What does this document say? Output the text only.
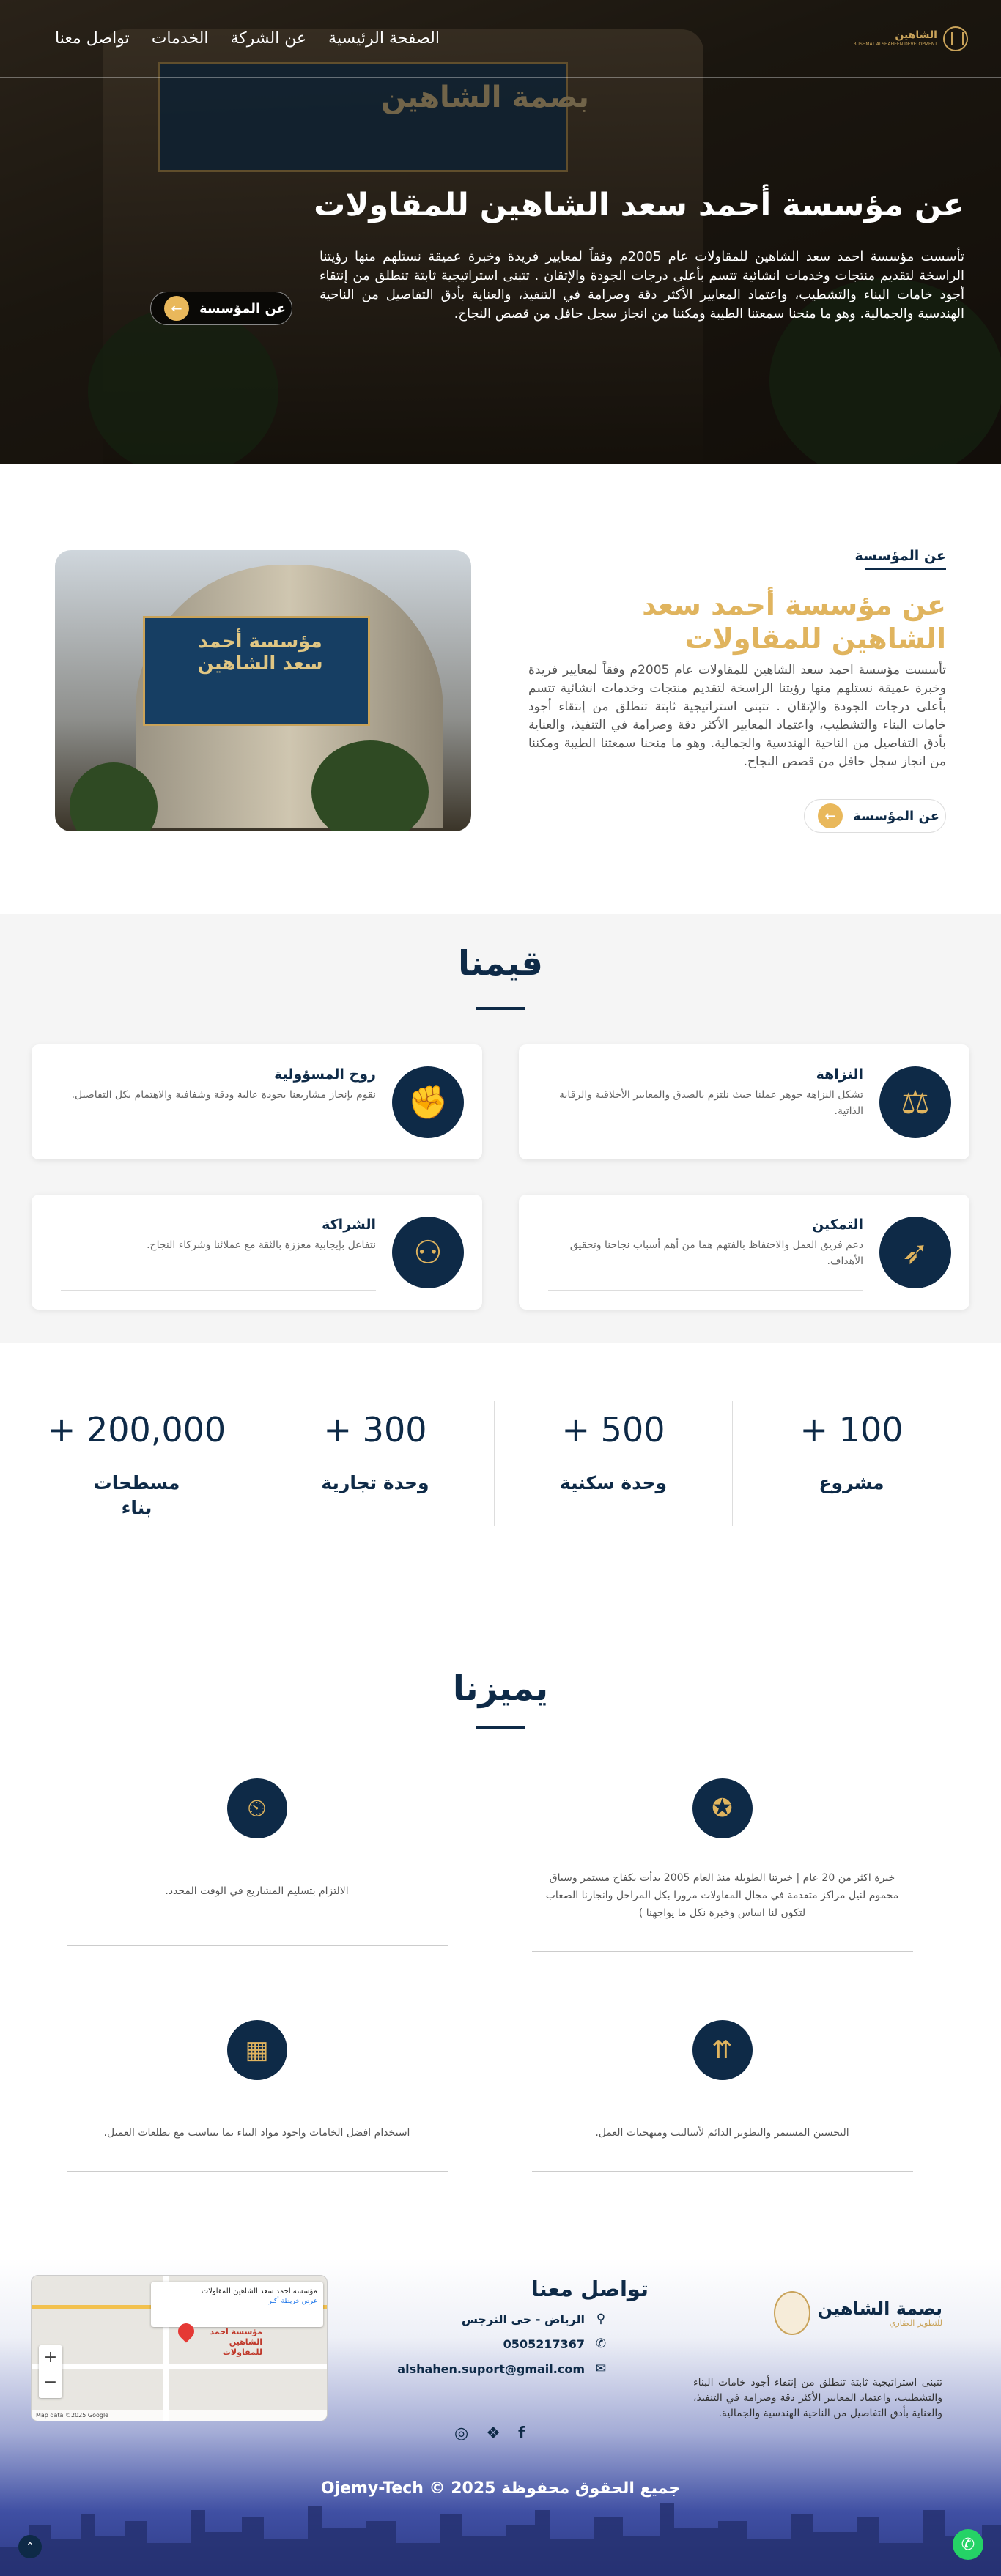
الشاهين
BUSHMAT ALSHAHEEN DEVELOPMENT
الصفحة الرئيسية
عن الشركة
الخدمات
تواصل معنا
عن مؤسسة أحمد سعد الشاهين للمقاولات

تأسست مؤسسة احمد سعد الشاهين للمقاولات عام 2005م وفقاً لمعايير فريدة وخبرة عميقة نستلهم منها رؤيتنا الراسخة لتقديم منتجات وخدمات انشائية تتسم بأعلى درجات الجودة والإتقان . تتبنى استراتيجية ثابتة تنطلق من إنتقاء أجود خامات البناء والتشطيب، واعتماد المعايير الأكثر دقة وصرامة في التنفيذ، والعناية بأدق التفاصيل من الناحية الهندسية والجمالية. وهو ما منحنا سمعتنا الطيبة ومكننا من انجاز سجل حافل من قصص النجاح.

عن المؤسسة
←
عن المؤسسة
عن مؤسسة أحمد سعد الشاهين للمقاولات

تأسست مؤسسة احمد سعد الشاهين للمقاولات عام 2005م وفقاً لمعايير فريدة وخبرة عميقة نستلهم منها رؤيتنا الراسخة لتقديم منتجات وخدمات انشائية تتسم بأعلى درجات الجودة والإتقان . تتبنى استراتيجية ثابتة تنطلق من إنتقاء أجود خامات البناء والتشطيب، واعتماد المعايير الأكثر دقة وصرامة في التنفيذ، والعناية بأدق التفاصيل من الناحية الهندسية والجمالية. وهو ما منحنا سمعتنا الطيبة ومكننا من انجاز سجل حافل من قصص النجاح.

عن المؤسسة
←
مؤسسة أحمد سعد الشاهين
قيمنا
⚖
النزاهة

تشكل النزاهة جوهر عملنا حيث نلتزم بالصدق والمعايير الأخلاقية والرقابة الذاتية.

✊
روح المسؤولية

نقوم بإنجاز مشاريعنا بجودة عالية ودقة وشفافية والاهتمام بكل التفاصيل.

➶
التمكين

دعم فريق العمل والاحتفاظ بالفتهم هما من أهم أسباب نجاحنا وتحقيق الأهداف.

⚇
الشراكة

نتفاعل بإيجابية معززة بالثقة مع عملائنا وشركاء النجاح.

100 +
مشروع
500 +
وحدة سكنية
300 +
وحدة تجارية
200,000 +
مسطحات بناء
يميزنا
✪

خبرة اكثر من 20 عام | خبرتنا الطويلة منذ العام 2005 بدأت بكفاح مستمر وسباق محموم لنيل مراكز متقدمة في مجال المقاولات مرورا بكل المراحل وانجازنا الصعاب لتكون لنا اساس وخبرة نكل ما يواجهنا )

⏲

الالتزام بتسليم المشاريع في الوقت المحدد.

⇈

التحسين المستمر والتطوير الدائم لأساليب ومنهجيات العمل.

▦

استخدام افضل الخامات واجود مواد البناء بما يتناسب مع تطلعات العميل.

بصمة الشاهين
للتطوير العقاري
تتبنى استراتيجية ثابتة تنطلق من إنتقاء أجود خامات البناء والتشطيب، واعتماد المعايير الأكثر دقة وصرامة في التنفيذ، والعناية بأدق التفاصيل من الناحية الهندسية والجمالية.
تواصل معنا
الرياض - حي النرجس ⚲
0505217367 ✆
alshahen.suport@gmail.com ✉
◎ ❖ f
مؤسسة احمد سعد الشاهين للمقاولات
عرض خريطة أكبر
مؤسسة احمد الشاهين للمقاولات
+
−
Map data ©2025 Google
جميع الحقوق محفوظة 2025 © Ojemy-Tech
✆
⌃
